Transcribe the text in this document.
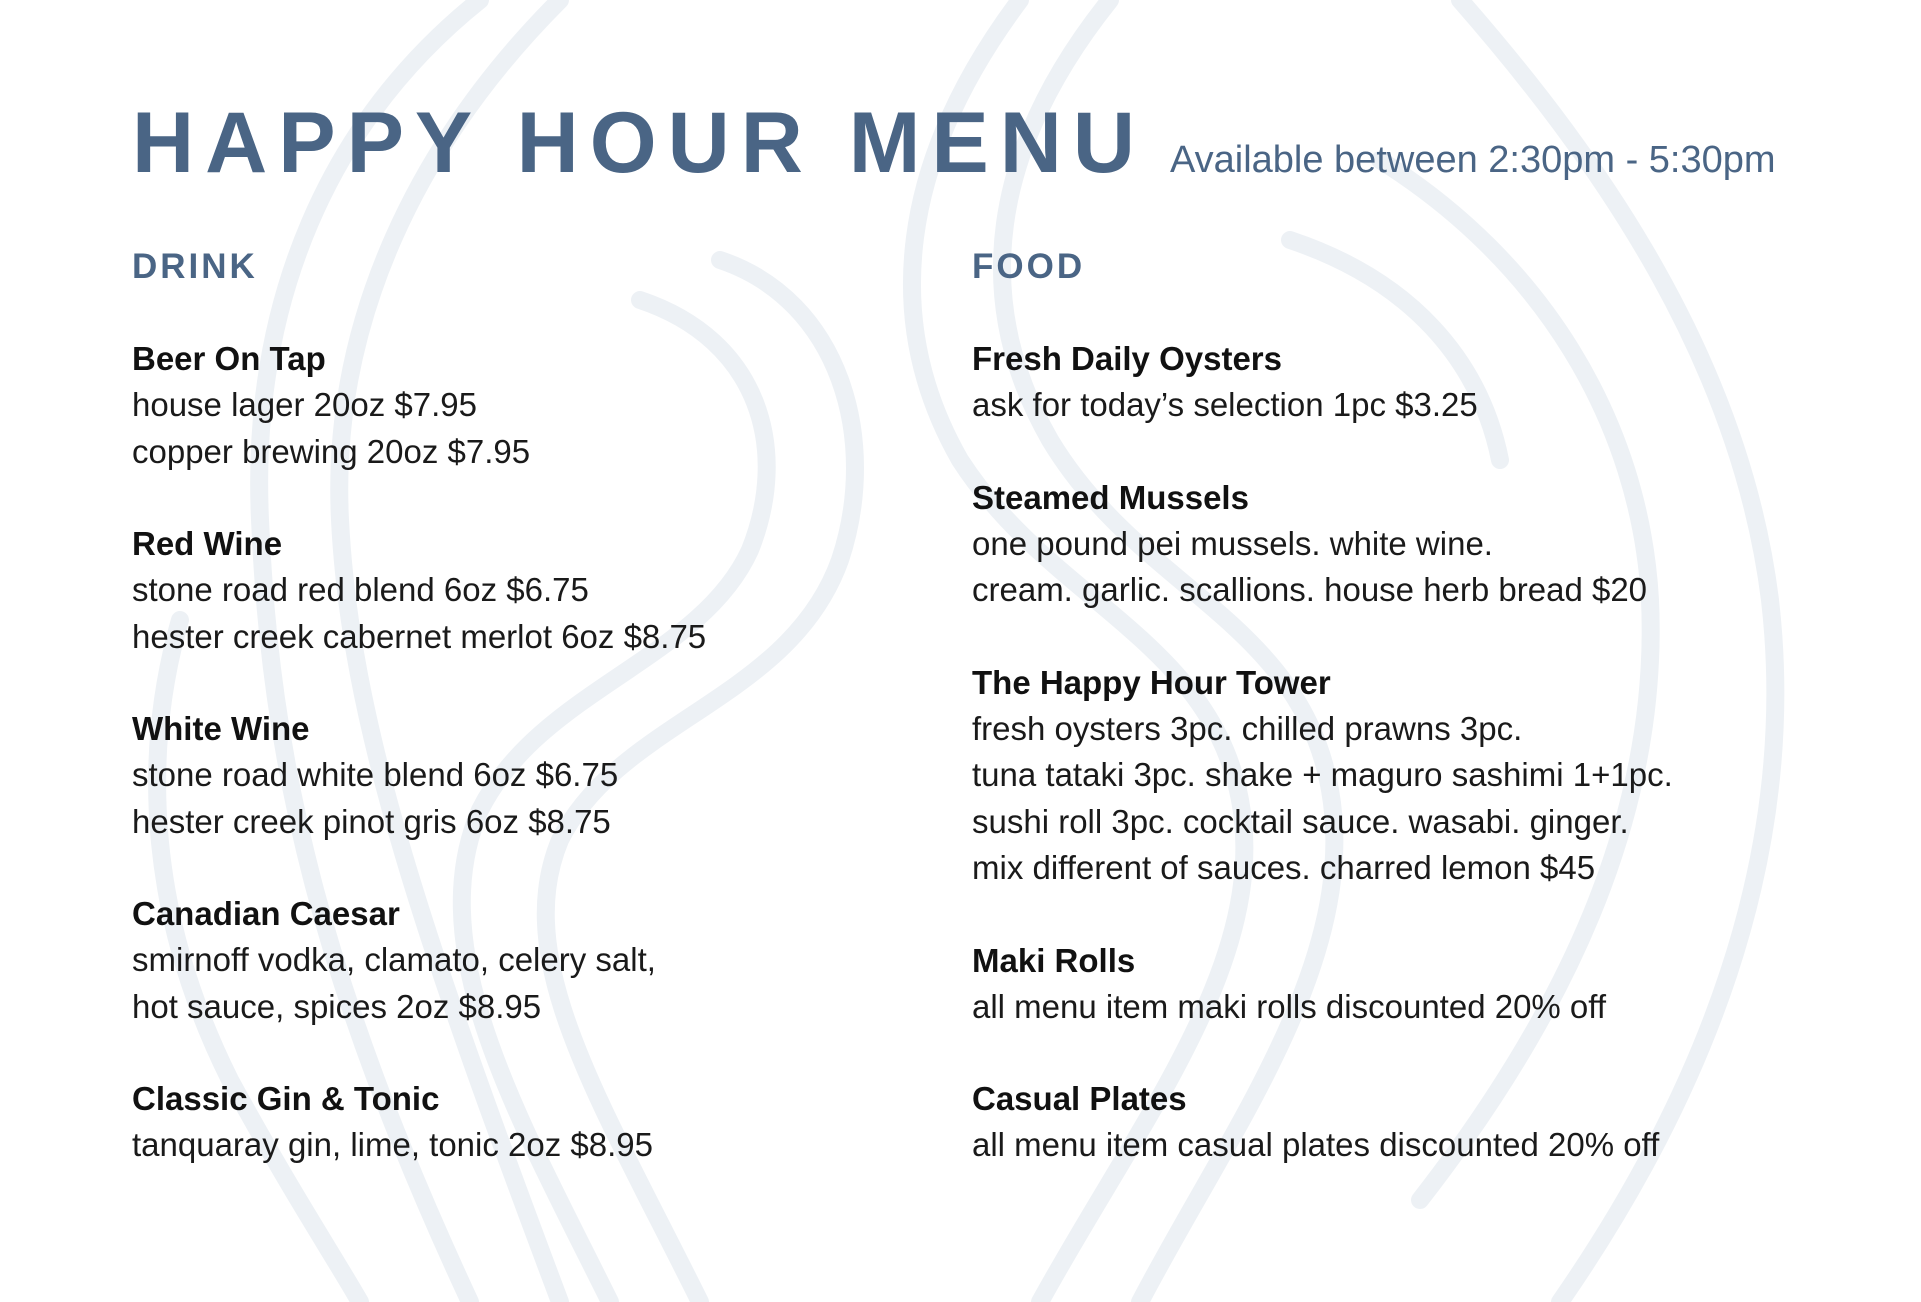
HAPPY HOUR MENU Available between 2:30pm - 5:30pm
DRINK
Beer On Tap
house lager 20oz $7.95
copper brewing 20oz $7.95
Red Wine
stone road red blend 6oz $6.75
hester creek cabernet merlot 6oz $8.75
White Wine
stone road white blend 6oz $6.75
hester creek pinot gris 6oz $8.75
Canadian Caesar
smirnoff vodka, clamato, celery salt,
hot sauce, spices 2oz $8.95
Classic Gin & Tonic
tanquaray gin, lime, tonic 2oz $8.95
FOOD
Fresh Daily Oysters
ask for today’s selection 1pc $3.25
Steamed Mussels
one pound pei mussels. white wine.
cream. garlic. scallions. house herb bread $20
The Happy Hour Tower
fresh oysters 3pc. chilled prawns 3pc.
tuna tataki 3pc. shake + maguro sashimi 1+1pc.
sushi roll 3pc. cocktail sauce. wasabi. ginger.
mix different of sauces. charred lemon $45
Maki Rolls
all menu item maki rolls discounted 20% off
Casual Plates
all menu item casual plates discounted 20% off
